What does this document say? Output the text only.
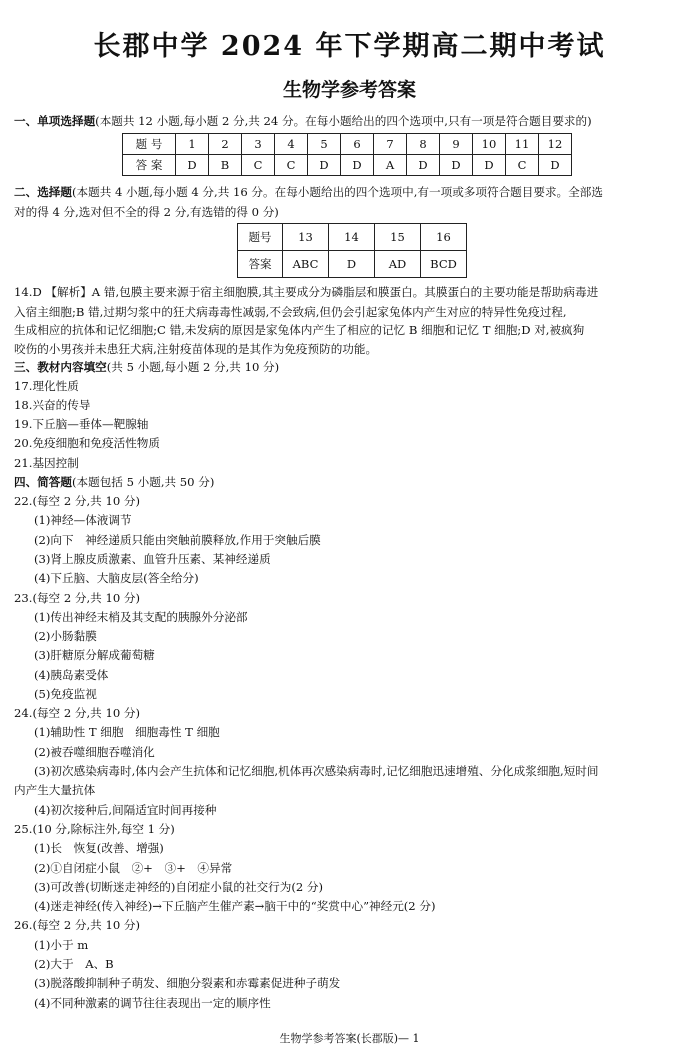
长郡中学 2024 年下学期高二期中考试
生物学参考答案
一、单项选择题(本题共 12 小题,每小题 2 分,共 24 分。在每小题给出的四个选项中,只有一项是符合题目要求的)
题 号	1	2	3	4	5	6	7	8	9	10	11	12
答 案	D	B	C	C	D	D	A	D	D	D	C	D
二、选择题(本题共 4 小题,每小题 4 分,共 16 分。在每小题给出的四个选项中,有一项或多项符合题目要求。全部选
对的得 4 分,选对但不全的得 2 分,有选错的得 0 分)
题号	13	14	15	16
答案	ABC	D	AD	BCD
14.D 【解析】A 错,包膜主要来源于宿主细胞膜,其主要成分为磷脂层和膜蛋白。其膜蛋白的主要功能是帮助病毒进
入宿主细胞;B 错,过期匀浆中的狂犬病毒毒性减弱,不会致病,但仍会引起家兔体内产生对应的特异性免疫过程,
生成相应的抗体和记忆细胞;C 错,未发病的原因是家兔体内产生了相应的记忆 B 细胞和记忆 T 细胞;D 对,被疯狗
咬伤的小男孩并未患狂犬病,注射疫苗体现的是其作为免疫预防的功能。
三、教材内容填空(共 5 小题,每小题 2 分,共 10 分)
17.理化性质
18.兴奋的传导
19.下丘脑—垂体—靶腺轴
20.免疫细胞和免疫活性物质
21.基因控制
四、简答题(本题包括 5 小题,共 50 分)
22.(每空 2 分,共 10 分)
(1)神经—体液调节
(2)向下　神经递质只能由突触前膜释放,作用于突触后膜
(3)肾上腺皮质激素、血管升压素、某神经递质
(4)下丘脑、大脑皮层(答全给分)
23.(每空 2 分,共 10 分)
(1)传出神经末梢及其支配的胰腺外分泌部
(2)小肠黏膜
(3)肝糖原分解成葡萄糖
(4)胰岛素受体
(5)免疫监视
24.(每空 2 分,共 10 分)
(1)辅助性 T 细胞　细胞毒性 T 细胞
(2)被吞噬细胞吞噬消化
(3)初次感染病毒时,体内会产生抗体和记忆细胞,机体再次感染病毒时,记忆细胞迅速增殖、分化成浆细胞,短时间
内产生大量抗体
(4)初次接种后,间隔适宜时间再接种
25.(10 分,除标注外,每空 1 分)
(1)长　恢复(改善、增强)
(2)①自闭症小鼠　②+　③+　④异常
(3)可改善(切断迷走神经的)自闭症小鼠的社交行为(2 分)
(4)迷走神经(传入神经)→下丘脑产生催产素→脑干中的“奖赏中心”神经元(2 分)
26.(每空 2 分,共 10 分)
(1)小于 m
(2)大于　A、B
(3)脱落酸抑制种子萌发、细胞分裂素和赤霉素促进种子萌发
(4)不同种激素的调节往往表现出一定的顺序性
生物学参考答案(长郡版)— 1
